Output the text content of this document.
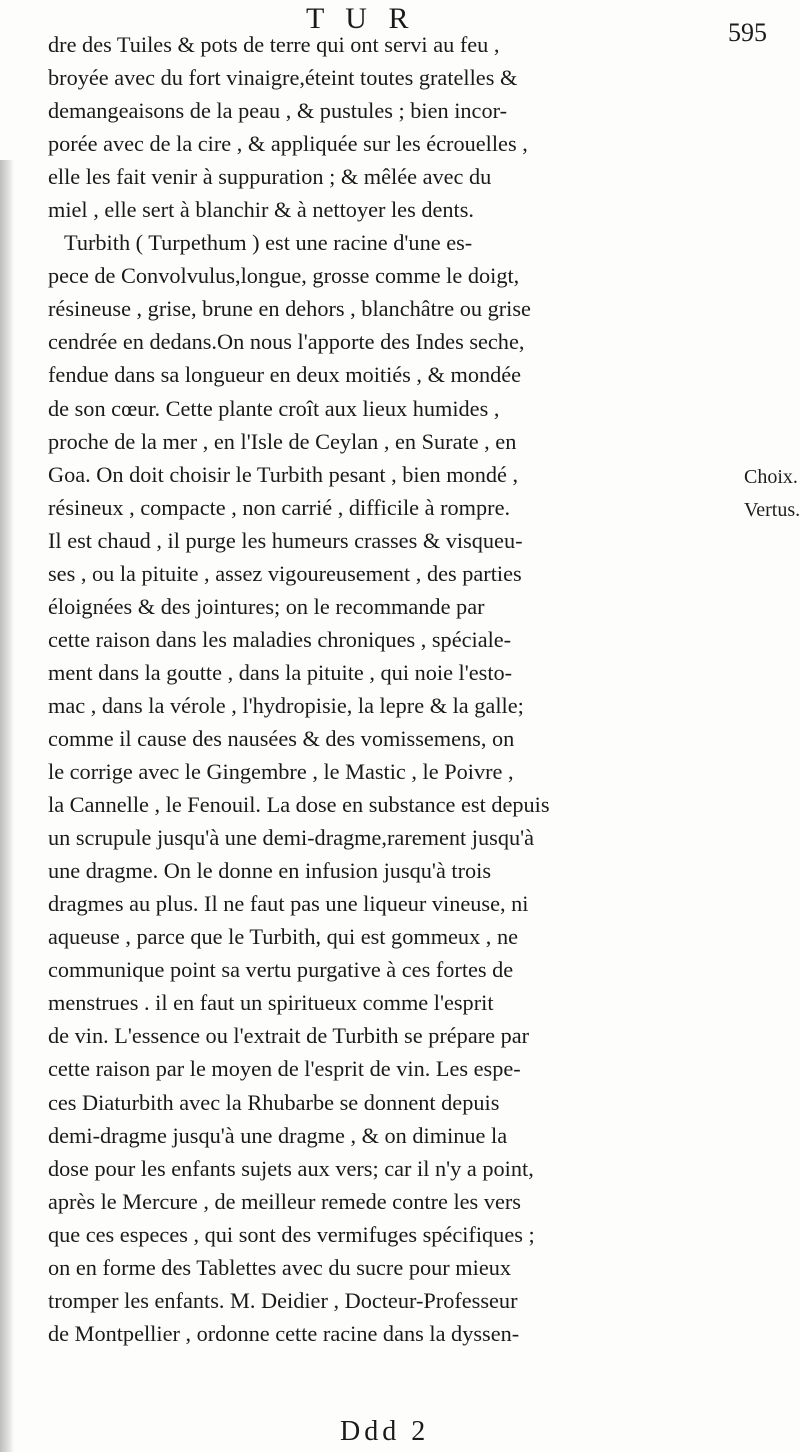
T U R	595
dre des Tuiles & pots de terre qui ont servi au feu ,
broyée avec du fort vinaigre,éteint toutes gratelles &
demangeaisons de la peau , & pustules ; bien incor-
porée avec de la cire , & appliquée sur les écrouelles ,
elle les fait venir à suppuration ; & mêlée avec du
miel , elle sert à blanchir & à nettoyer les dents.
Turbith ( Turpethum ) est une racine d'une es-
pece de Convolvulus,longue, grosse comme le doigt,
résineuse , grise, brune en dehors , blanchâtre ou grise
cendrée en dedans.On nous l'apporte des Indes seche,
fendue dans sa longueur en deux moitiés , & mondée
de son cœur. Cette plante croît aux lieux humides ,
proche de la mer , en l'Isle de Ceylan , en Surate , en
Goa. On doit choisir le Turbith pesant , bien mondé ,
résineux , compacte , non carrié , difficile à rompre.
Il est chaud , il purge les humeurs crasses & visqueu-
ses , ou la pituite , assez vigoureusement , des parties
éloignées & des jointures; on le recommande par
cette raison dans les maladies chroniques , spéciale-
ment dans la goutte , dans la pituite , qui noie l'esto-
mac , dans la vérole , l'hydropisie, la lepre & la galle;
comme il cause des nausées & des vomissemens, on
le corrige avec le Gingembre , le Mastic , le Poivre ,
la Cannelle , le Fenouil. La dose en substance est depuis
un scrupule jusqu'à une demi-dragme,rarement jusqu'à
une dragme. On le donne en infusion jusqu'à trois
dragmes au plus. Il ne faut pas une liqueur vineuse, ni
aqueuse , parce que le Turbith, qui est gommeux , ne
communique point sa vertu purgative à ces fortes de
menstrues . il en faut un spiritueux comme l'esprit
de vin. L'essence ou l'extrait de Turbith se prépare par
cette raison par le moyen de l'esprit de vin. Les espe-
ces Diaturbith avec la Rhubarbe se donnent depuis
demi-dragme jusqu'à une dragme , & on diminue la
dose pour les enfants sujets aux vers; car il n'y a point,
après le Mercure , de meilleur remede contre les vers
que ces especes , qui sont des vermifuges spécifiques ;
on en forme des Tablettes avec du sucre pour mieux
tromper les enfants. M. Deidier , Docteur-Professeur
de Montpellier , ordonne cette racine dans la dyssen-
Choix.
Vertus.
Ddd 2
